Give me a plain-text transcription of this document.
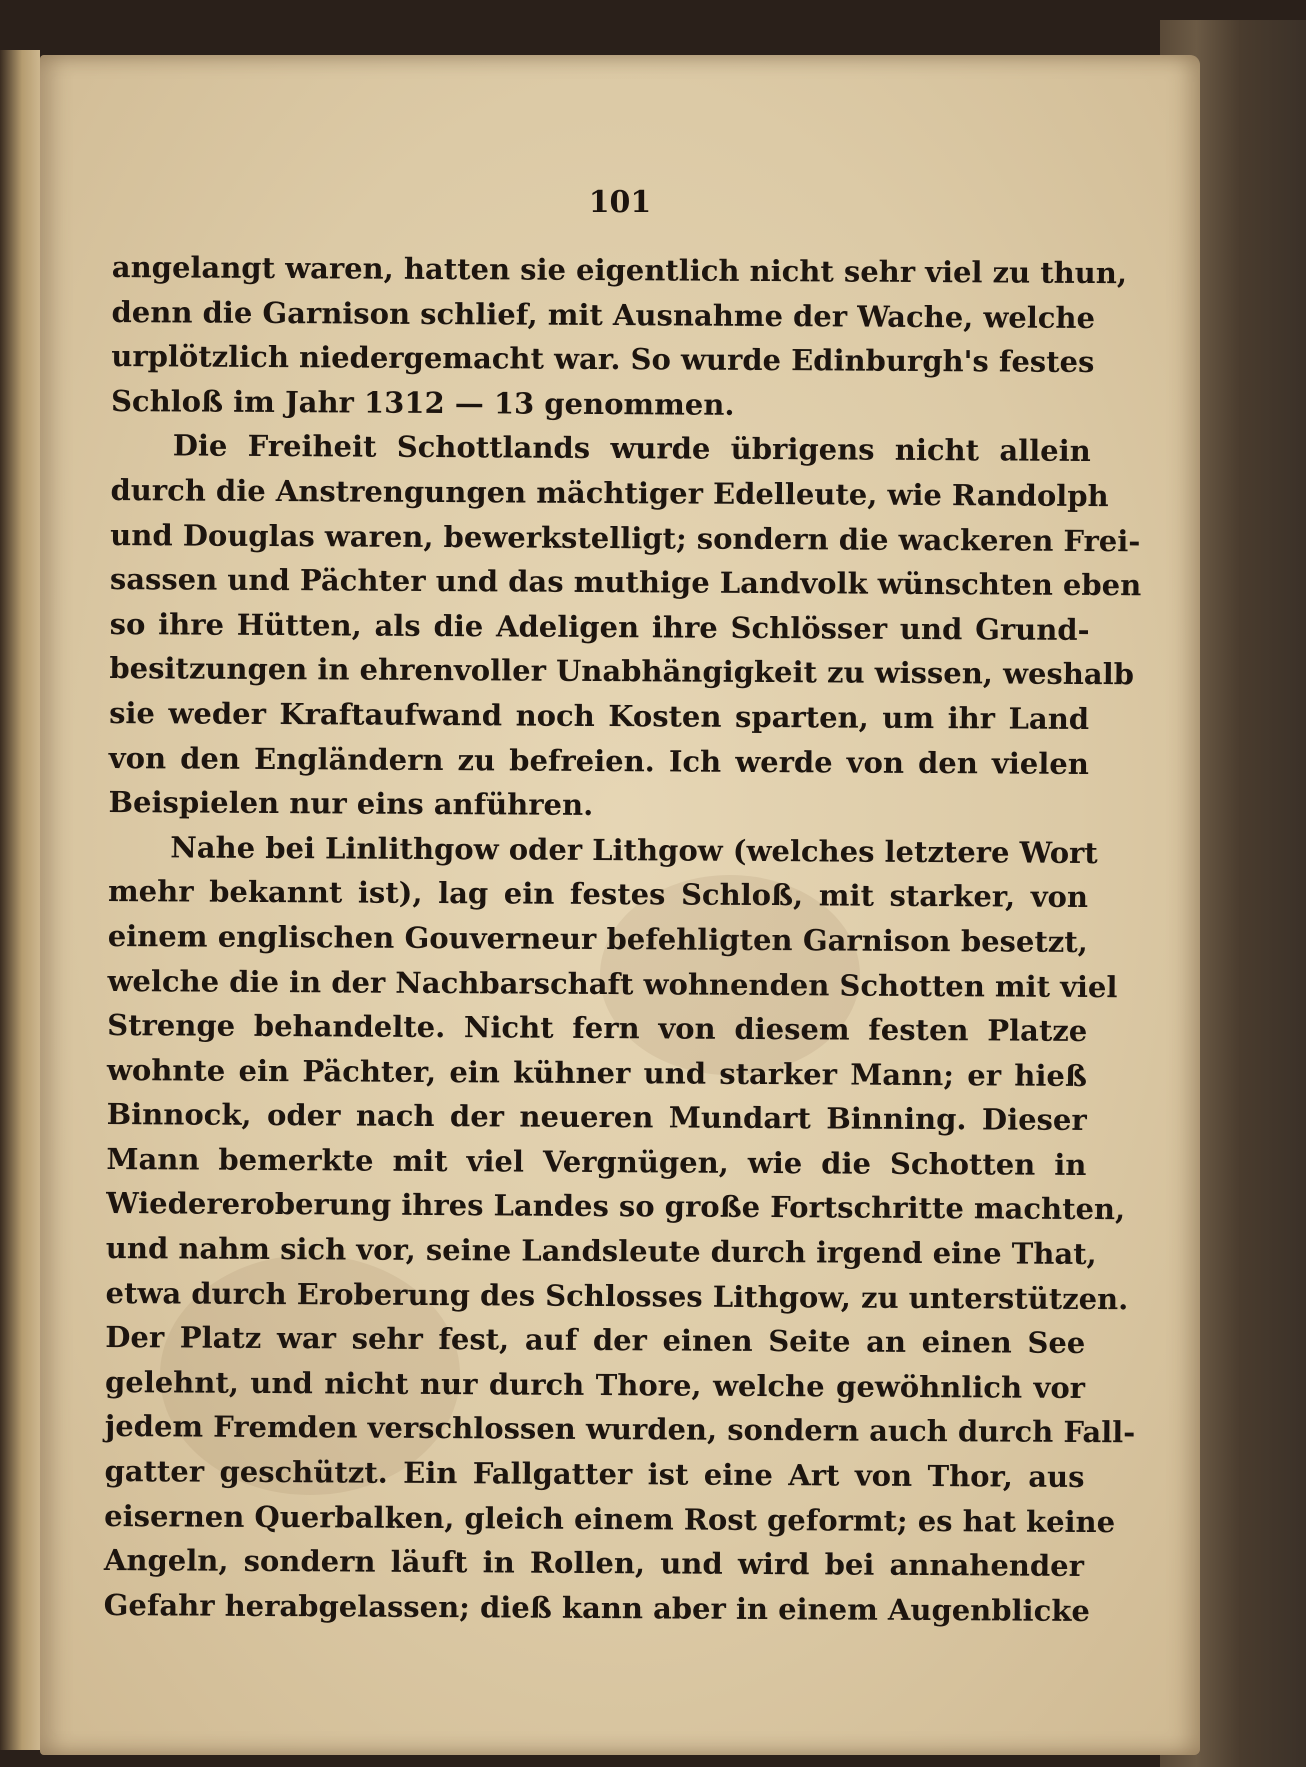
101
angelangt waren, hatten sie eigentlich nicht sehr viel zu thun,
denn die Garnison schlief, mit Ausnahme der Wache, welche
urplötzlich niedergemacht war. So wurde Edinburgh's festes
Schloß im Jahr 1312 — 13 genommen.
Die Freiheit Schottlands wurde übrigens nicht allein
durch die Anstrengungen mächtiger Edelleute, wie Randolph
und Douglas waren, bewerkstelligt; sondern die wackeren Frei-
sassen und Pächter und das muthige Landvolk wünschten eben
so ihre Hütten, als die Adeligen ihre Schlösser und Grund-
besitzungen in ehrenvoller Unabhängigkeit zu wissen, weshalb
sie weder Kraftaufwand noch Kosten sparten, um ihr Land
von den Engländern zu befreien. Ich werde von den vielen
Beispielen nur eins anführen.
Nahe bei Linlithgow oder Lithgow (welches letztere Wort
mehr bekannt ist), lag ein festes Schloß, mit starker, von
einem englischen Gouverneur befehligten Garnison besetzt,
welche die in der Nachbarschaft wohnenden Schotten mit viel
Strenge behandelte. Nicht fern von diesem festen Platze
wohnte ein Pächter, ein kühner und starker Mann; er hieß
Binnock, oder nach der neueren Mundart Binning. Dieser
Mann bemerkte mit viel Vergnügen, wie die Schotten in
Wiedereroberung ihres Landes so große Fortschritte machten,
und nahm sich vor, seine Landsleute durch irgend eine That,
etwa durch Eroberung des Schlosses Lithgow, zu unterstützen.
Der Platz war sehr fest, auf der einen Seite an einen See
gelehnt, und nicht nur durch Thore, welche gewöhnlich vor
jedem Fremden verschlossen wurden, sondern auch durch Fall-
gatter geschützt. Ein Fallgatter ist eine Art von Thor, aus
eisernen Querbalken, gleich einem Rost geformt; es hat keine
Angeln, sondern läuft in Rollen, und wird bei annahender
Gefahr herabgelassen; dieß kann aber in einem Augenblicke
